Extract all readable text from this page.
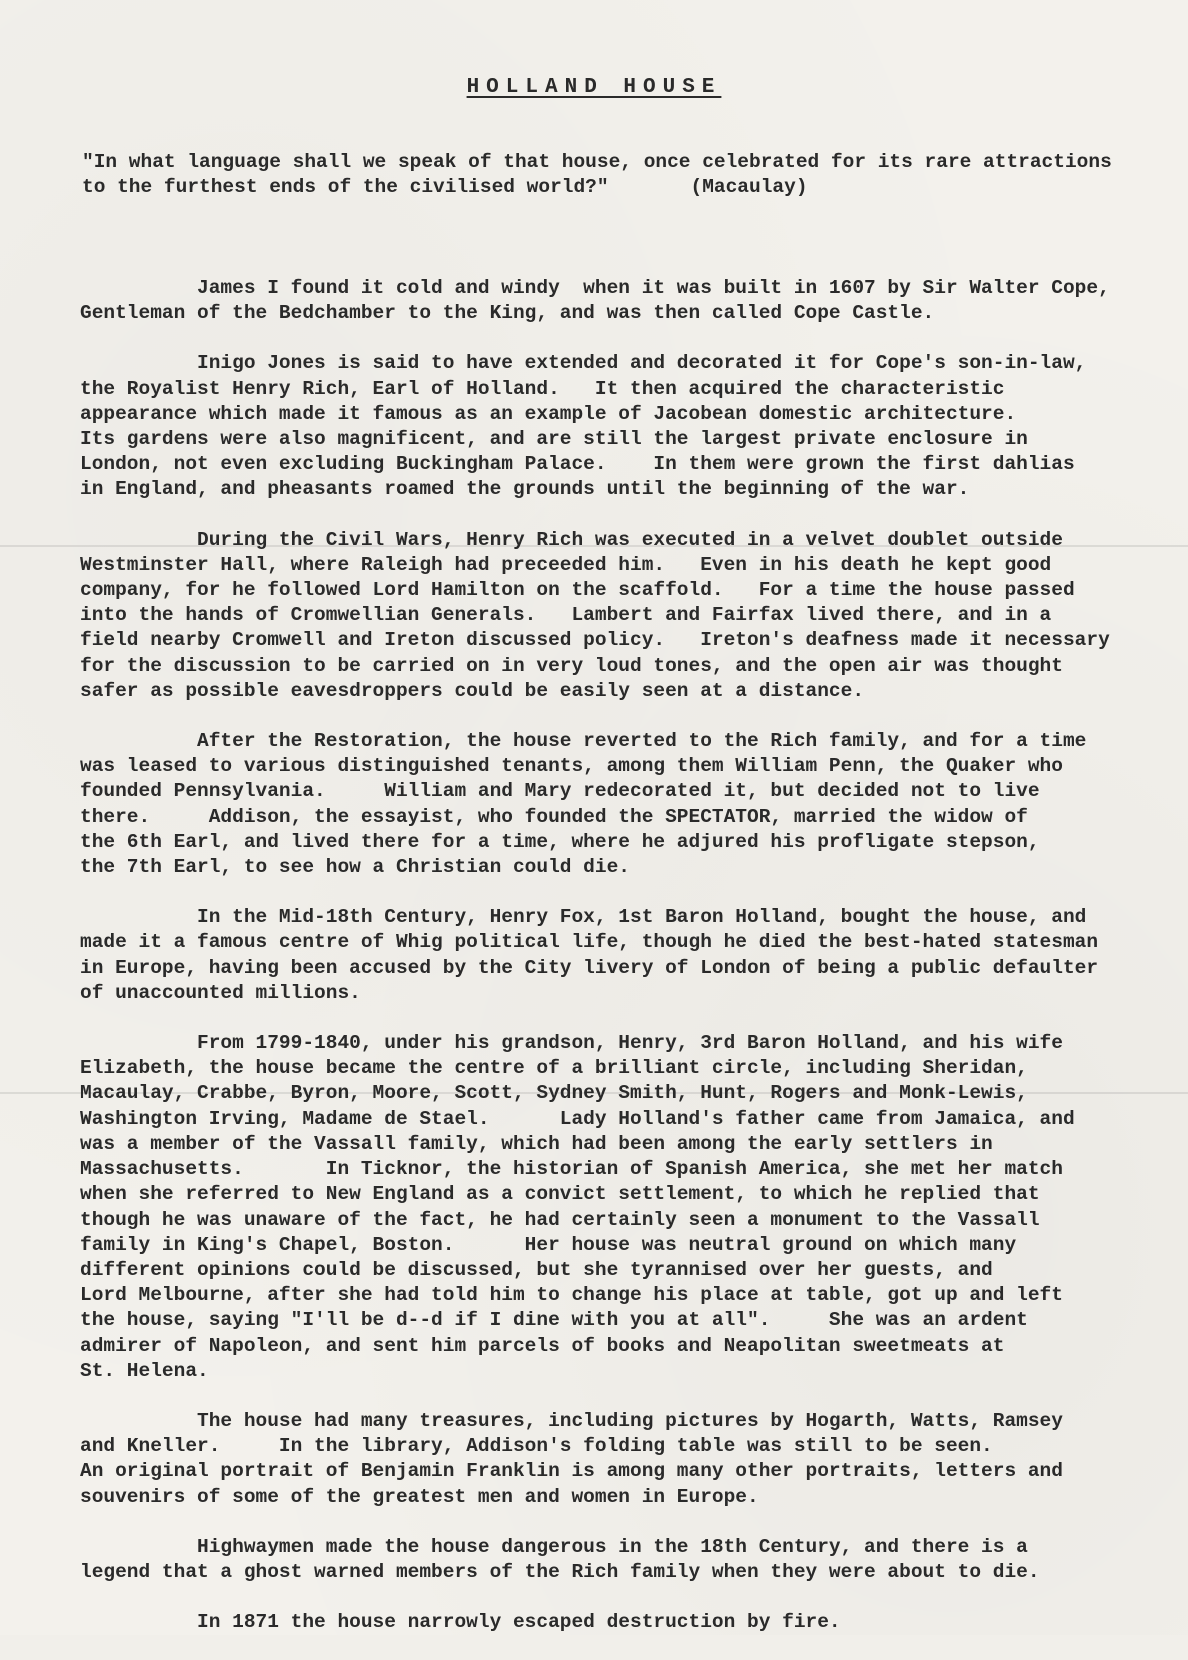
HOLLAND HOUSE
"In what language shall we speak of that house, once celebrated for its rare attractions
to the furthest ends of the civilised world?"       (Macaulay)

James I found it cold and windy  when it was built in 1607 by Sir Walter Cope,
Gentleman of the Bedchamber to the King, and was then called Cope Castle.

Inigo Jones is said to have extended and decorated it for Cope's son-in-law,
the Royalist Henry Rich, Earl of Holland.   It then acquired the characteristic
appearance which made it famous as an example of Jacobean domestic architecture.
Its gardens were also magnificent, and are still the largest private enclosure in
London, not even excluding Buckingham Palace.    In them were grown the first dahlias
in England, and pheasants roamed the grounds until the beginning of the war.

During the Civil Wars, Henry Rich was executed in a velvet doublet outside
Westminster Hall, where Raleigh had preceeded him.   Even in his death he kept good
company, for he followed Lord Hamilton on the scaffold.   For a time the house passed
into the hands of Cromwellian Generals.   Lambert and Fairfax lived there, and in a
field nearby Cromwell and Ireton discussed policy.   Ireton's deafness made it necessary
for the discussion to be carried on in very loud tones, and the open air was thought
safer as possible eavesdroppers could be easily seen at a distance.

After the Restoration, the house reverted to the Rich family, and for a time
was leased to various distinguished tenants, among them William Penn, the Quaker who
founded Pennsylvania.     William and Mary redecorated it, but decided not to live
there.     Addison, the essayist, who founded the SPECTATOR, married the widow of
the 6th Earl, and lived there for a time, where he adjured his profligate stepson,
the 7th Earl, to see how a Christian could die.

In the Mid-18th Century, Henry Fox, 1st Baron Holland, bought the house, and
made it a famous centre of Whig political life, though he died the best-hated statesman
in Europe, having been accused by the City livery of London of being a public defaulter
of unaccounted millions.

From 1799-1840, under his grandson, Henry, 3rd Baron Holland, and his wife
Elizabeth, the house became the centre of a brilliant circle, including Sheridan,
Macaulay, Crabbe, Byron, Moore, Scott, Sydney Smith, Hunt, Rogers and Monk-Lewis,
Washington Irving, Madame de Stael.      Lady Holland's father came from Jamaica, and
was a member of the Vassall family, which had been among the early settlers in
Massachusetts.       In Ticknor, the historian of Spanish America, she met her match
when she referred to New England as a convict settlement, to which he replied that
though he was unaware of the fact, he had certainly seen a monument to the Vassall
family in King's Chapel, Boston.      Her house was neutral ground on which many
different opinions could be discussed, but she tyrannised over her guests, and
Lord Melbourne, after she had told him to change his place at table, got up and left
the house, saying "I'll be d--d if I dine with you at all".     She was an ardent
admirer of Napoleon, and sent him parcels of books and Neapolitan sweetmeats at
St. Helena.

The house had many treasures, including pictures by Hogarth, Watts, Ramsey
and Kneller.     In the library, Addison's folding table was still to be seen.
An original portrait of Benjamin Franklin is among many other portraits, letters and
souvenirs of some of the greatest men and women in Europe.

Highwaymen made the house dangerous in the 18th Century, and there is a
legend that a ghost warned members of the Rich family when they were about to die.

In 1871 the house narrowly escaped destruction by fire.
